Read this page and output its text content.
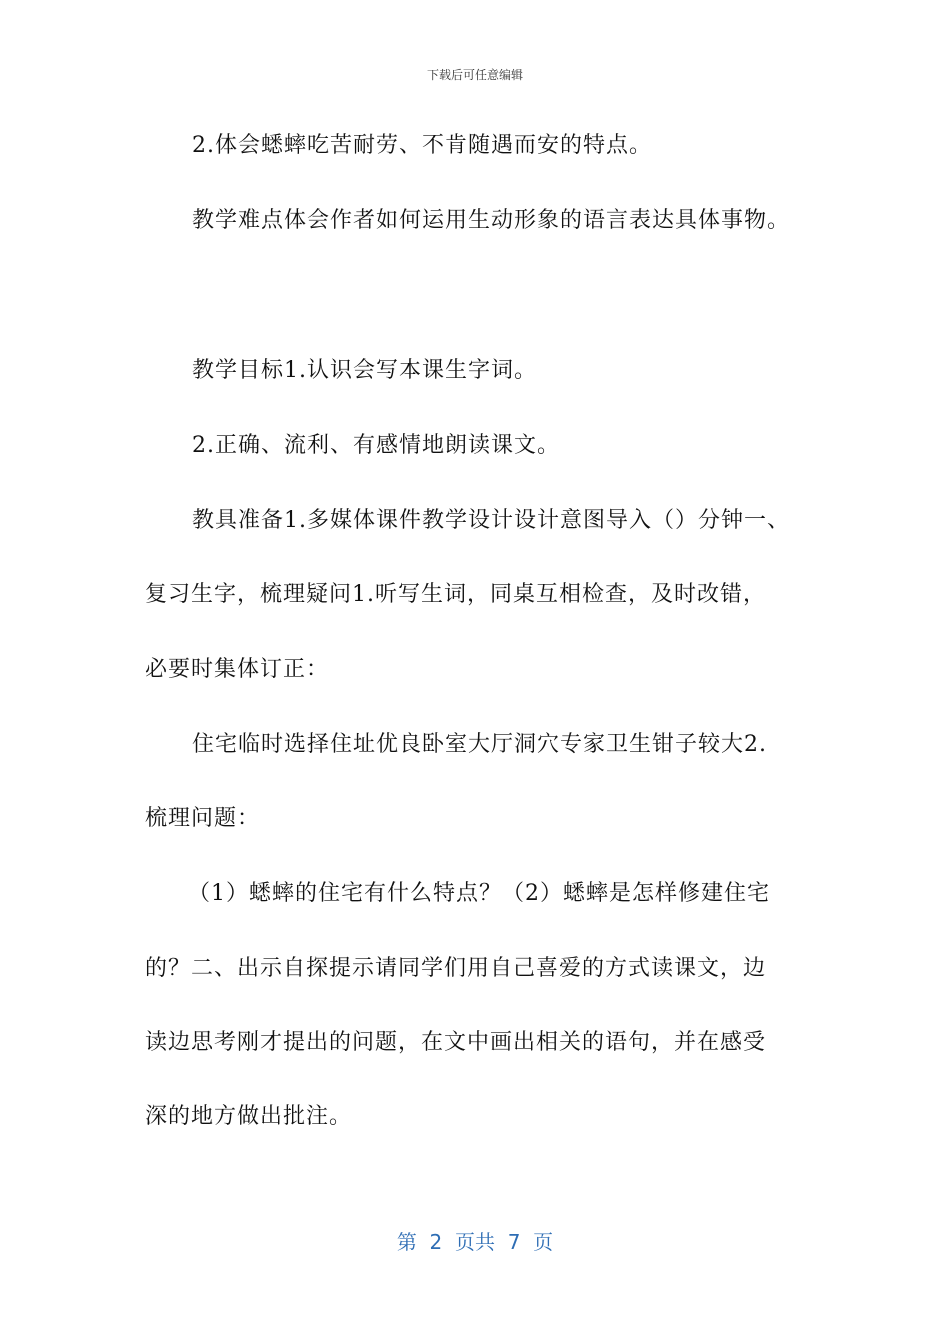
下载后可任意编辑
2.体会蟋蟀吃苦耐劳、不肯随遇而安的特点。
教学难点体会作者如何运用生动形象的语言表达具体事物。
教学目标1.认识会写本课生字词。
2.正确、流利、有感情地朗读课文。
教具准备1.多媒体课件教学设计设计意图导入（）分钟一、
复习生字，梳理疑问1.听写生词，同桌互相检查，及时改错，
必要时集体订正：
住宅临时选择住址优良卧室大厅洞穴专家卫生钳子较大2.
梳理问题：
（1）蟋蟀的住宅有什么特点？（2）蟋蟀是怎样修建住宅
的？二、出示自探提示请同学们用自己喜爱的方式读课文，边
读边思考刚才提出的问题，在文中画出相关的语句，并在感受
深的地方做出批注。
第  2  页共  7  页
